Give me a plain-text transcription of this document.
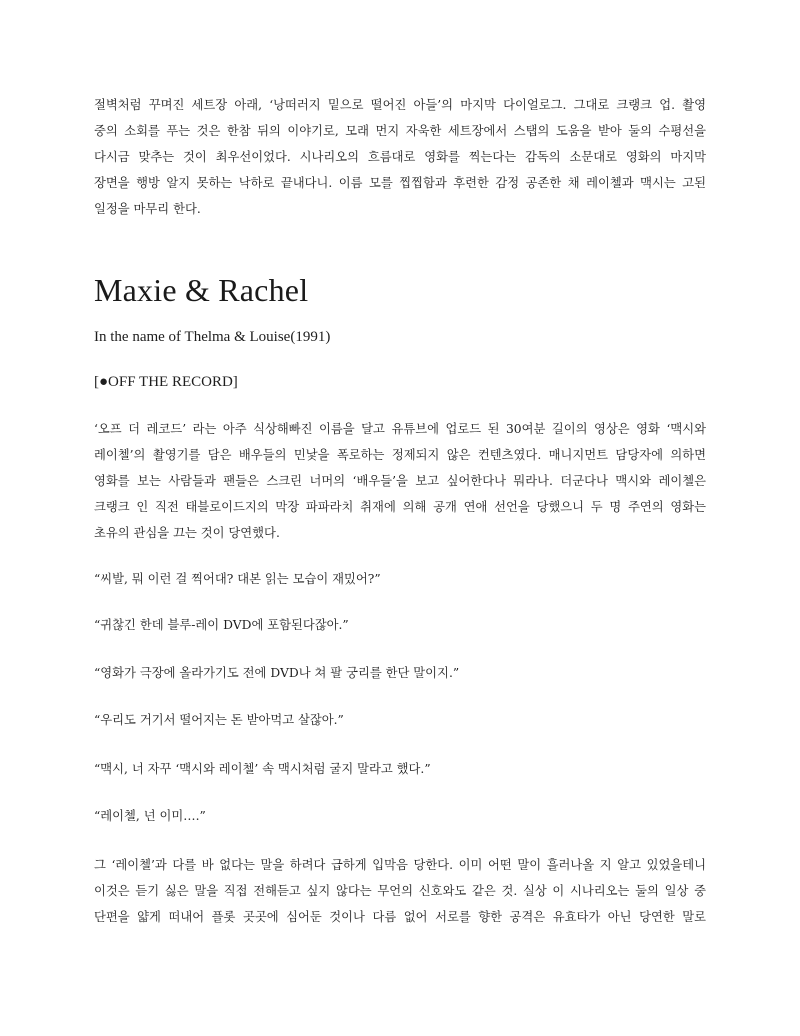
절벽처럼 꾸며진 세트장 아래, ‘낭떠러지 밑으로 떨어진 아들’의 마지막 다이얼로그. 그대로 크랭크 업. 촬영

중의 소회를 푸는 것은 한참 뒤의 이야기로, 모래 먼지 자욱한 세트장에서 스탭의 도움을 받아 둘의 수평선을

다시금 맞추는 것이 최우선이었다. 시나리오의 흐름대로 영화를 찍는다는 감독의 소문대로 영화의 마지막

장면을 행방 알지 못하는 낙하로 끝내다니. 이름 모를 찝찝함과 후련한 감정 공존한 채 레이첼과 맥시는 고된

일정을 마무리 한다.

Maxie & Rachel

In the name of Thelma & Louise(1991)

[●OFF THE RECORD]

‘오프 더 레코드’ 라는 아주 식상해빠진 이름을 달고 유튜브에 업로드 된 30여분 길이의 영상은 영화 ‘맥시와

레이첼’의 촬영기를 담은 배우들의 민낯을 폭로하는 정제되지 않은 컨텐츠였다. 매니지먼트 담당자에 의하면

영화를 보는 사람들과 팬들은 스크린 너머의 ‘배우들’을 보고 싶어한다나 뭐라나. 더군다나 맥시와 레이첼은

크랭크 인 직전 태블로이드지의 막장 파파라치 취재에 의해 공개 연애 선언을 당했으니 두 명 주연의 영화는

초유의 관심을 끄는 것이 당연했다.

“씨발, 뭐 이런 걸 찍어대? 대본 읽는 모습이 재밌어?”

“귀찮긴 한데 블루-레이 DVD에 포함된다잖아.”

“영화가 극장에 올라가기도 전에 DVD나 쳐 팔 궁리를 한단 말이지.”

“우리도 거기서 떨어지는 돈 받아먹고 살잖아.”

“맥시, 너 자꾸 ‘맥시와 레이첼’ 속 맥시처럼 굴지 말라고 했다.”

“레이첼, 넌 이미….”

그 ‘레이첼’과 다를 바 없다는 말을 하려다 급하게 입막음 당한다. 이미 어떤 말이 흘러나올 지 알고 있었을테니

이것은 듣기 싫은 말을 직접 전해듣고 싶지 않다는 무언의 신호와도 같은 것. 실상 이 시나리오는 둘의 일상 중

단편을 얇게 떠내어 플롯 곳곳에 심어둔 것이나 다름 없어 서로를 향한 공격은 유효타가 아닌 당연한 말로
